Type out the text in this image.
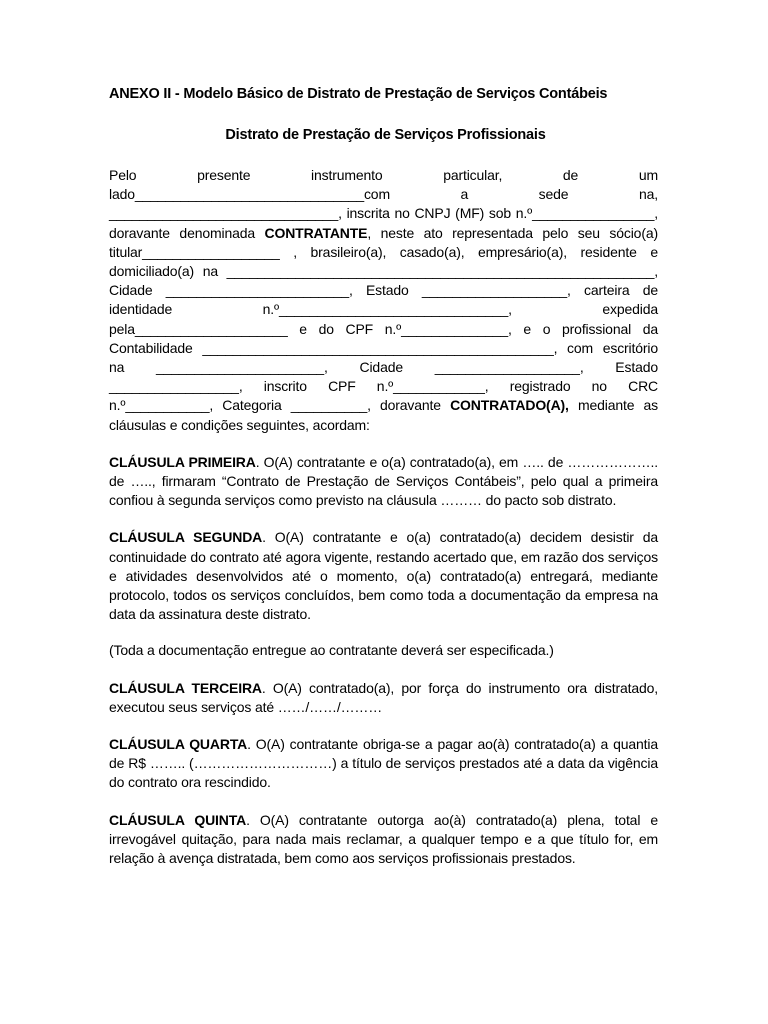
ANEXO II - Modelo Básico de Distrato de Prestação de Serviços Contábeis
Distrato de Prestação de Serviços Profissionais

Pelo presente instrumento particular, de um lado______________________________com a sede na, ______________________________, inscrita no CNPJ (MF) sob n.º________________, doravante denominada CONTRATANTE, neste ato representada pelo seu sócio(a) titular__________________ , brasileiro(a), casado(a), empresário(a), residente e domiciliado(a) na ________________________________________________________, Cidade ________________________, Estado ___________________, carteira de identidade n.º______________________________, expedida pela____________________ e do CPF n.º______________, e o profissional da Contabilidade ______________________________________________, com escritório na ______________________, Cidade ___________________, Estado _________________, inscrito CPF n.º____________, registrado no CRC n.º___________, Categoria __________, doravante CONTRATADO(A), mediante as cláusulas e condições seguintes, acordam:

CLÁUSULA PRIMEIRA. O(A) contratante e o(a) contratado(a), em ….. de ……………….. de ….., firmaram “Contrato de Prestação de Serviços Contábeis”, pelo qual a primeira confiou à segunda serviços como previsto na cláusula ……… do pacto sob distrato.

CLÁUSULA SEGUNDA. O(A) contratante e o(a) contratado(a) decidem desistir da continuidade do contrato até agora vigente, restando acertado que, em razão dos serviços e atividades desenvolvidos até o momento, o(a) contratado(a) entregará, mediante protocolo, todos os serviços concluídos, bem como toda a documentação da empresa na data da assinatura deste distrato.

(Toda a documentação entregue ao contratante deverá ser especificada.)

CLÁUSULA TERCEIRA. O(A) contratado(a), por força do instrumento ora distratado, executou seus serviços até ……/……/………

CLÁUSULA QUARTA. O(A) contratante obriga-se a pagar ao(à) contratado(a) a quantia de R$ …….. (…………………………) a título de serviços prestados até a data da vigência do contrato ora rescindido.

CLÁUSULA QUINTA. O(A) contratante outorga ao(à) contratado(a) plena, total e irrevogável quitação, para nada mais reclamar, a qualquer tempo e a que título for, em relação à avença distratada, bem como aos serviços profissionais prestados.
